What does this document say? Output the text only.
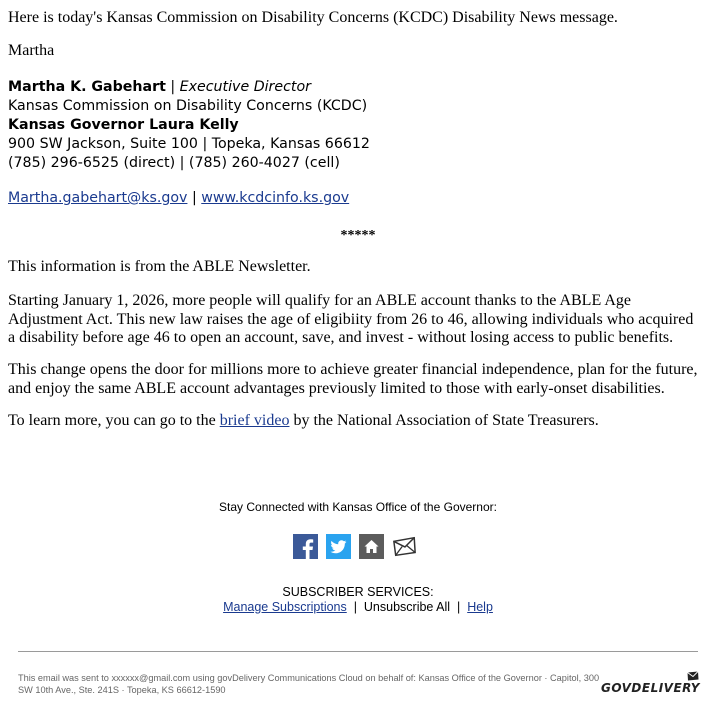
Here is today's Kansas Commission on Disability Concerns (KCDC) Disability News message.

Martha

Martha K. Gabehart | Executive Director
Kansas Commission on Disability Concerns (KCDC)
Kansas Governor Laura Kelly
900 SW Jackson, Suite 100 | Topeka, Kansas 66612
(785) 296-6525 (direct) | (785) 260-4027 (cell)
Martha.gabehart@ks.gov | www.kcdcinfo.ks.gov
*****

This information is from the ABLE Newsletter.

Starting January 1, 2026, more people will qualify for an ABLE account thanks to the ABLE Age Adjustment Act. This new law raises the age of eligibiity from 26 to 46, allowing individuals who acquired a disability before age 46 to open an account, save, and invest - without losing access to public benefits.

This change opens the door for millions more to achieve greater financial independence, plan for the future, and enjoy the same ABLE account advantages previously limited to those with early-onset disabilities.

To learn more, you can go to the brief video by the National Association of State Treasurers.

Stay Connected with Kansas Office of the Governor:
SUBSCRIBER SERVICES:
Manage Subscriptions  |  Unsubscribe All  |  Help
This email was sent to xxxxxx@gmail.com using govDelivery Communications Cloud on behalf of: Kansas Office of the Governor · Capitol, 300 SW 10th Ave., Ste. 241S · Topeka, KS 66612-1590	GOVDELIVERY
